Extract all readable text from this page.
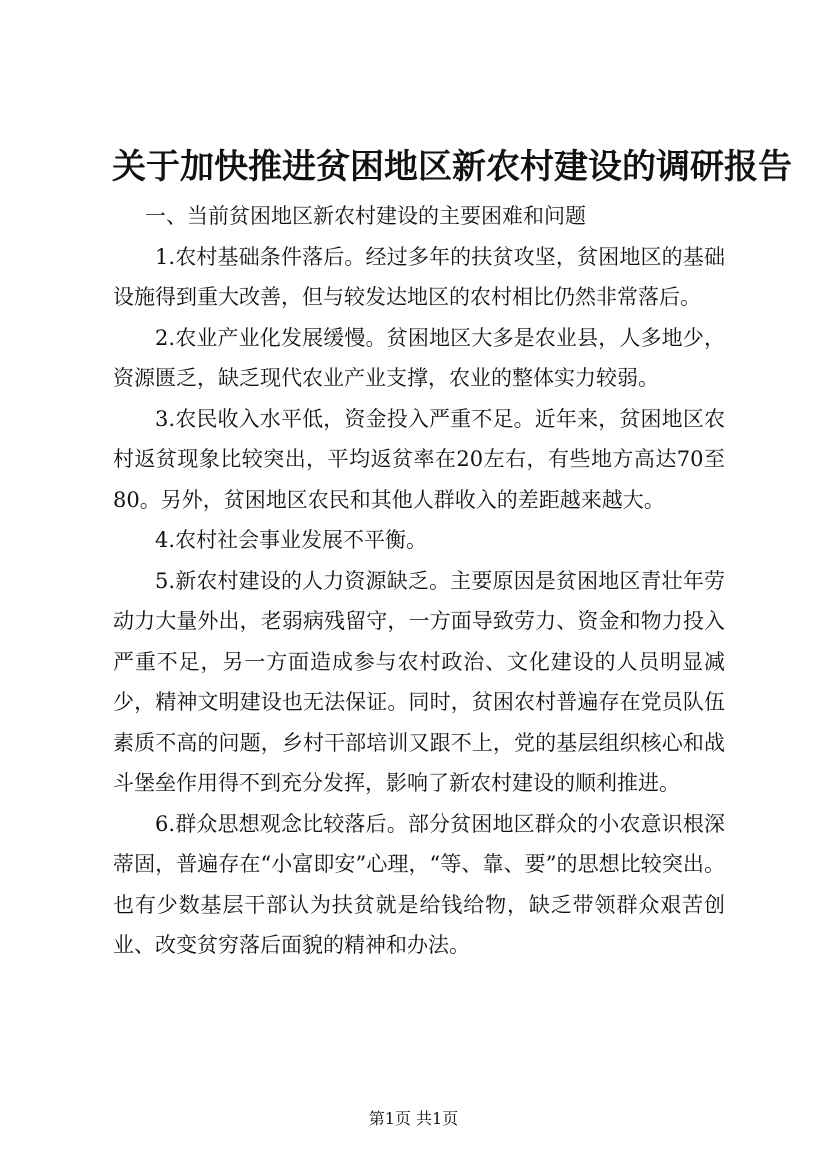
关于加快推进贫困地区新农村建设的调研报告

一、当前贫困地区新农村建设的主要困难和问题

1.农村基础条件落后。经过多年的扶贫攻坚，贫困地区的基础设施得到重大改善，但与较发达地区的农村相比仍然非常落后。

2.农业产业化发展缓慢。贫困地区大多是农业县，人多地少，资源匮乏，缺乏现代农业产业支撑，农业的整体实力较弱。

3.农民收入水平低，资金投入严重不足。近年来，贫困地区农村返贫现象比较突出，平均返贫率在20左右，有些地方高达70至80。另外，贫困地区农民和其他人群收入的差距越来越大。

4.农村社会事业发展不平衡。

5.新农村建设的人力资源缺乏。主要原因是贫困地区青壮年劳动力大量外出，老弱病残留守，一方面导致劳力、资金和物力投入严重不足，另一方面造成参与农村政治、文化建设的人员明显减少，精神文明建设也无法保证。同时，贫困农村普遍存在党员队伍素质不高的问题，乡村干部培训又跟不上，党的基层组织核心和战斗堡垒作用得不到充分发挥，影响了新农村建设的顺利推进。

6.群众思想观念比较落后。部分贫困地区群众的小农意识根深蒂固，普遍存在“小富即安”心理，“等、靠、要”的思想比较突出。也有少数基层干部认为扶贫就是给钱给物，缺乏带领群众艰苦创业、改变贫穷落后面貌的精神和办法。

第1页 共1页
